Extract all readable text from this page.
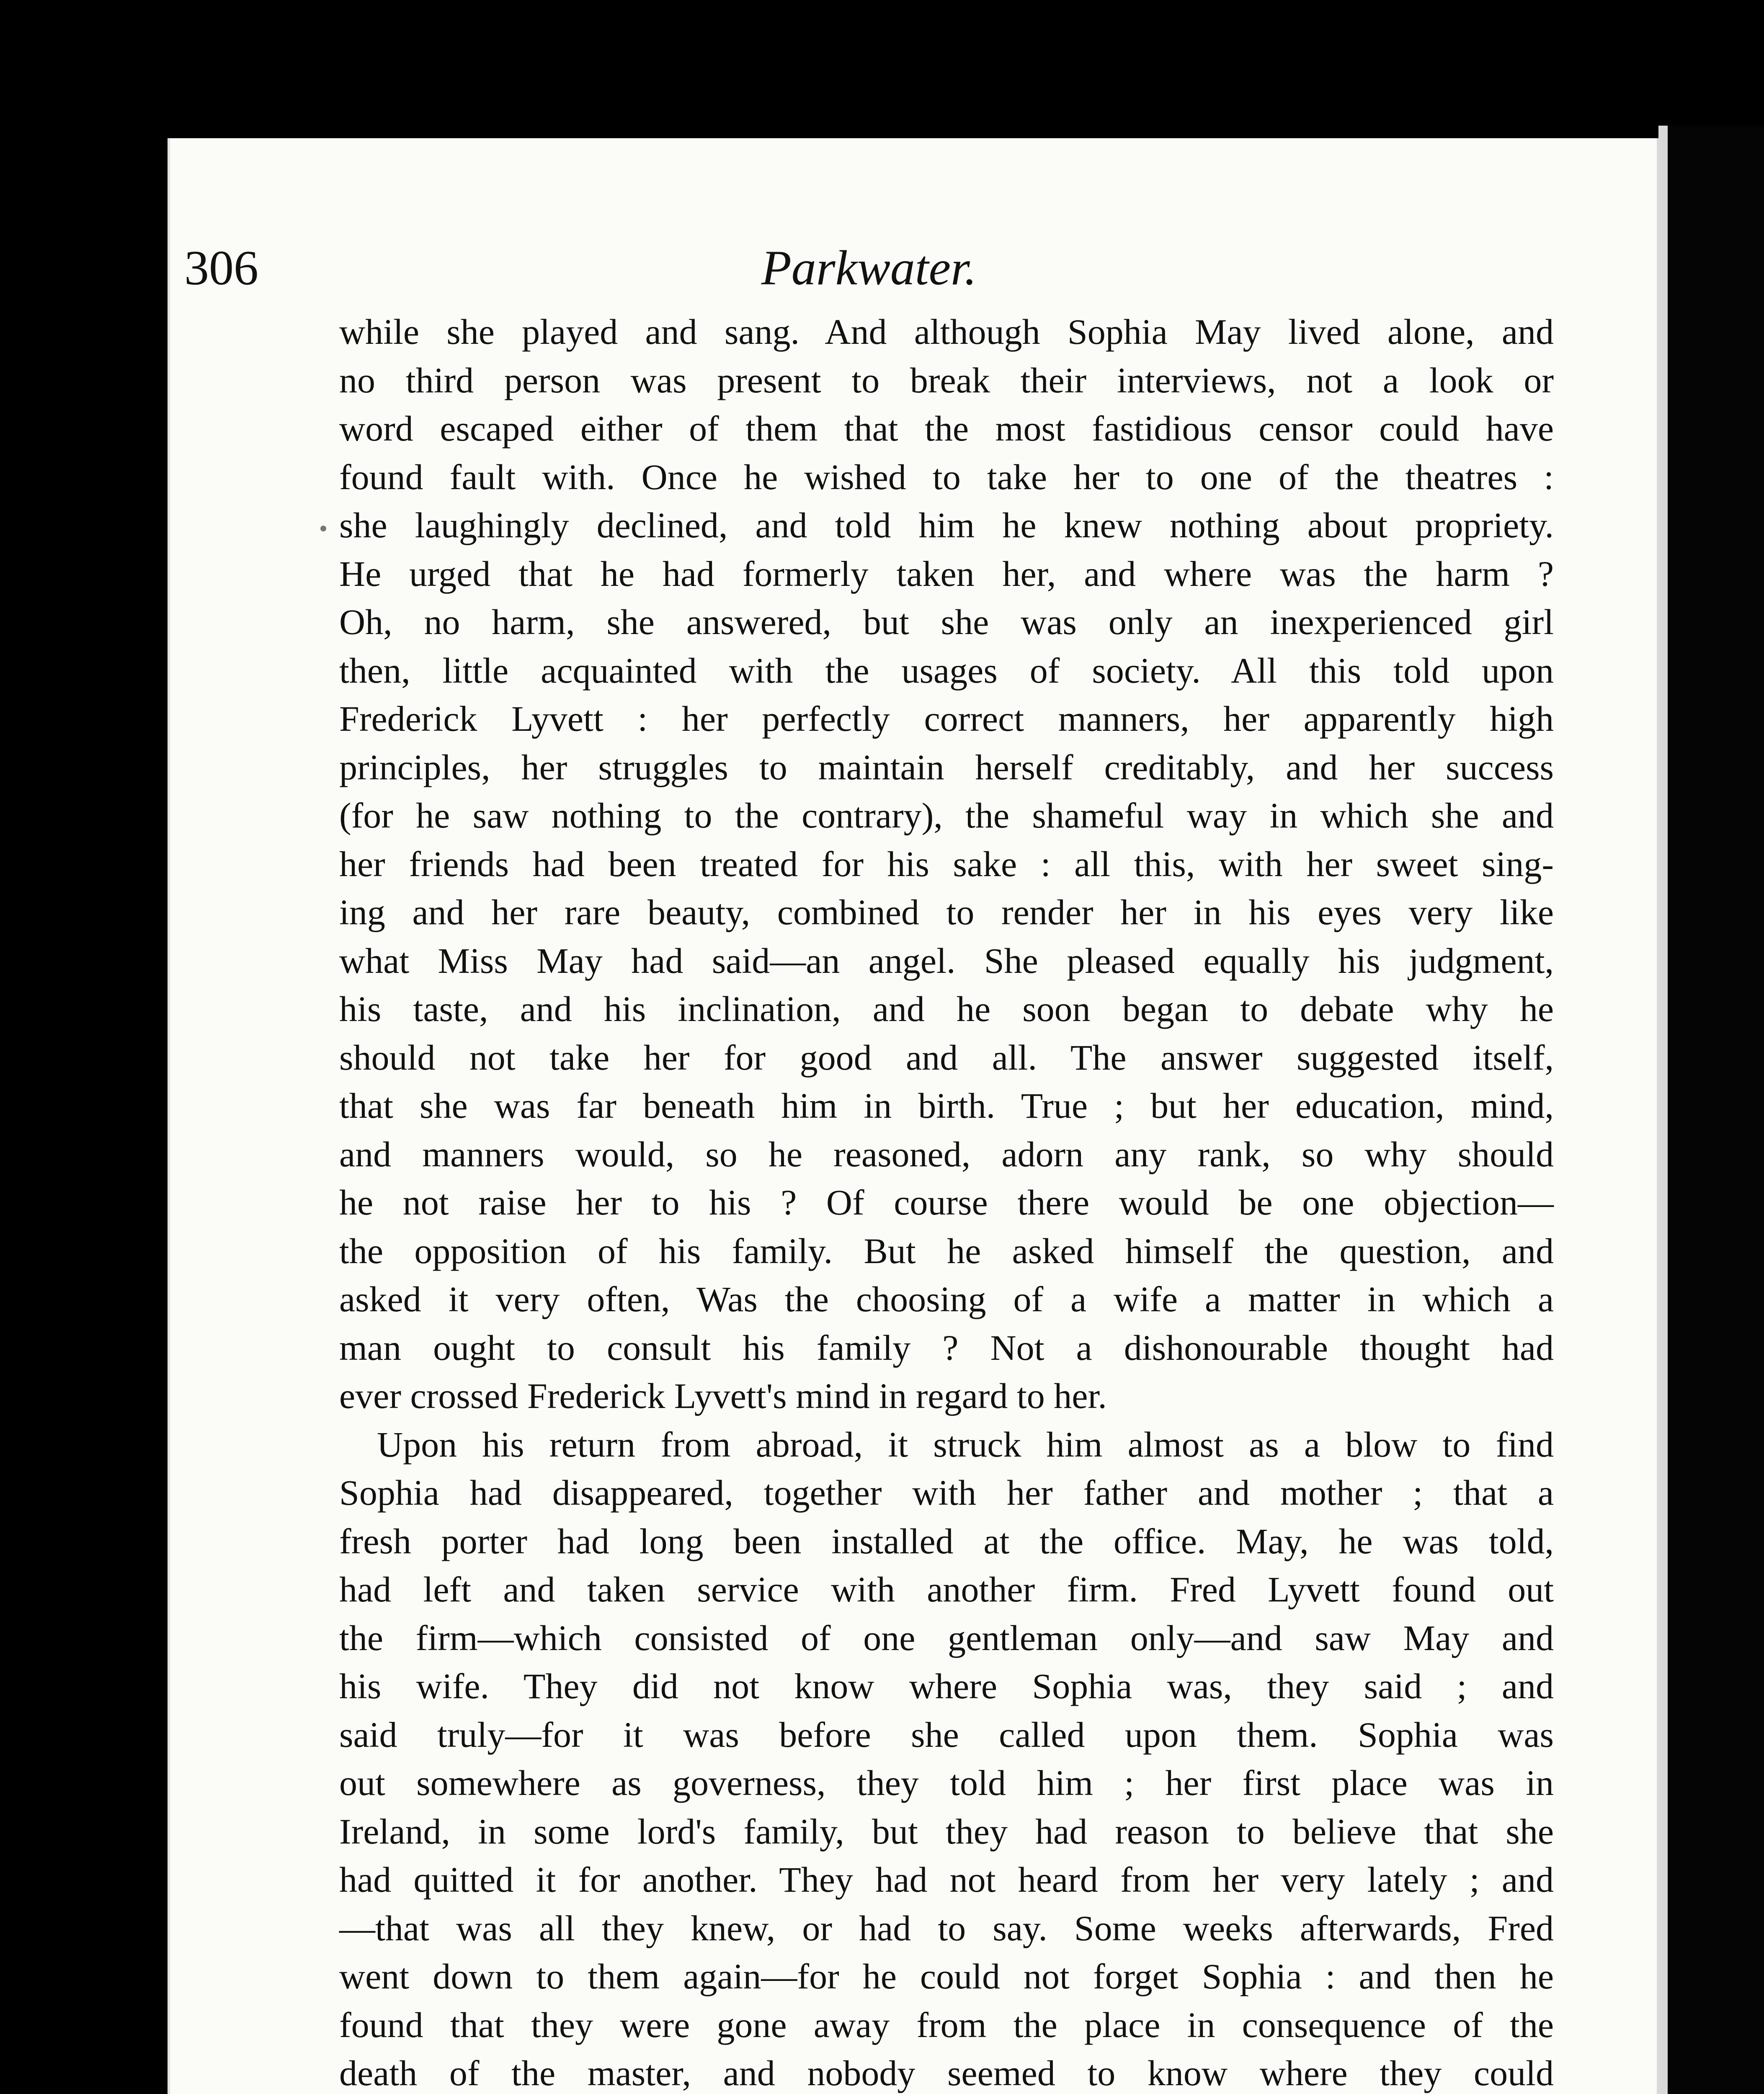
306	Parkwater.
while she played and sang. And although Sophia May lived alone, and
no third person was present to break their interviews, not a look or
word escaped either of them that the most fastidious censor could have
found fault with. Once he wished to take her to one of the theatres :
she laughingly declined, and told him he knew nothing about propriety.
He urged that he had formerly taken her, and where was the harm ?
Oh, no harm, she answered, but she was only an inexperienced girl
then, little acquainted with the usages of society. All this told upon
Frederick Lyvett : her perfectly correct manners, her apparently high
principles, her struggles to maintain herself creditably, and her success
(for he saw nothing to the contrary), the shameful way in which she and
her friends had been treated for his sake : all this, with her sweet sing-
ing and her rare beauty, combined to render her in his eyes very like
what Miss May had said—an angel. She pleased equally his judgment,
his taste, and his inclination, and he soon began to debate why he
should not take her for good and all. The answer suggested itself,
that she was far beneath him in birth. True ; but her education, mind,
and manners would, so he reasoned, adorn any rank, so why should
he not raise her to his ? Of course there would be one objection—
the opposition of his family. But he asked himself the question, and
asked it very often, Was the choosing of a wife a matter in which a
man ought to consult his family ? Not a dishonourable thought had
ever crossed Frederick Lyvett's mind in regard to her.
Upon his return from abroad, it struck him almost as a blow to find
Sophia had disappeared, together with her father and mother ; that a
fresh porter had long been installed at the office. May, he was told,
had left and taken service with another firm. Fred Lyvett found out
the firm—which consisted of one gentleman only—and saw May and
his wife. They did not know where Sophia was, they said ; and
said truly—for it was before she called upon them. Sophia was
out somewhere as governess, they told him ; her first place was in
Ireland, in some lord's family, but they had reason to believe that she
had quitted it for another. They had not heard from her very lately ; and
—that was all they knew, or had to say. Some weeks afterwards, Fred
went down to them again—for he could not forget Sophia : and then he
found that they were gone away from the place in consequence of the
death of the master, and nobody seemed to know where they could
